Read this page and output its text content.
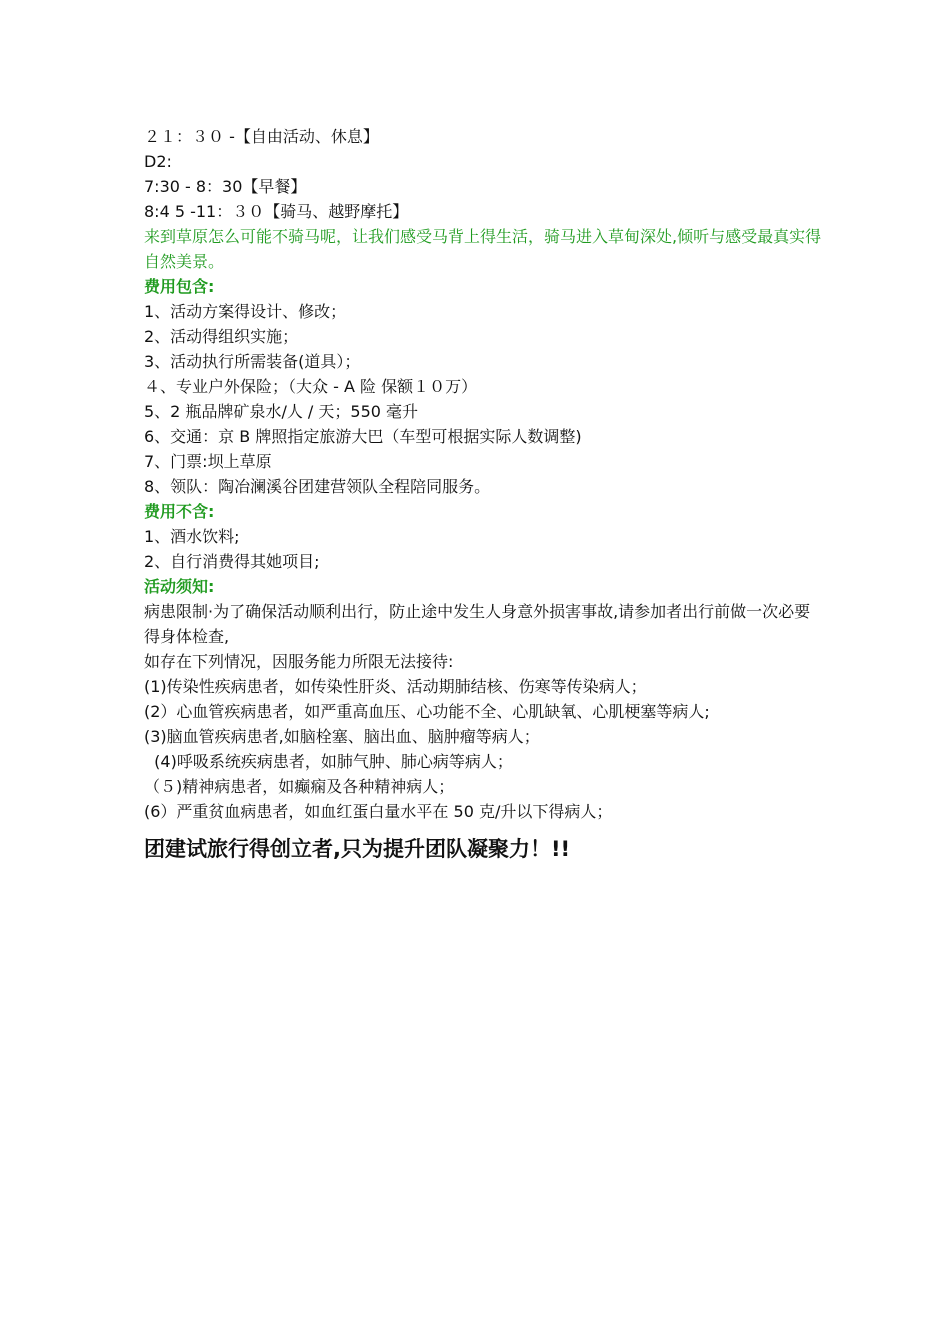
２１：３０ -【自由活动、休息】
D2:
7:30 - 8：30【早餐】
8:4 5 -11：３０【骑马、越野摩托】
来到草原怎么可能不骑马呢，让我们感受马背上得生活，骑马进入草甸深处,倾听与感受最真实得自然美景。
费用包含:
1、活动方案得设计、修改；
2、活动得组织实施；
3、活动执行所需装备(道具）；
４、专业户外保险；（大众 - A 险 保额１０万）
5、2 瓶品牌矿泉水/人 / 天；550 毫升
6、交通：京 B 牌照指定旅游大巴（车型可根据实际人数调整)
7、门票:坝上草原
8、领队：陶冶澜溪谷团建营领队全程陪同服务。
费用不含:
1、酒水饮料;
2、自行消费得其她项目;
活动须知:
病患限制·为了确保活动顺利出行，防止途中发生人身意外损害事故,请参加者出行前做一次必要得身体检查,
如存在下列情况，因服务能力所限无法接待:
(1)传染性疾病患者，如传染性肝炎、活动期肺结核、伤寒等传染病人；
(2）心血管疾病患者，如严重高血压、心功能不全、心肌缺氧、心肌梗塞等病人;
(3)脑血管疾病患者,如脑栓塞、脑出血、脑肿瘤等病人；
(4)呼吸系统疾病患者，如肺气肿、肺心病等病人；
（５)精神病患者，如癫痫及各种精神病人；
(6）严重贫血病患者，如血红蛋白量水平在 50 克/升以下得病人；
团建试旅行得创立者,只为提升团队凝聚力！!!
